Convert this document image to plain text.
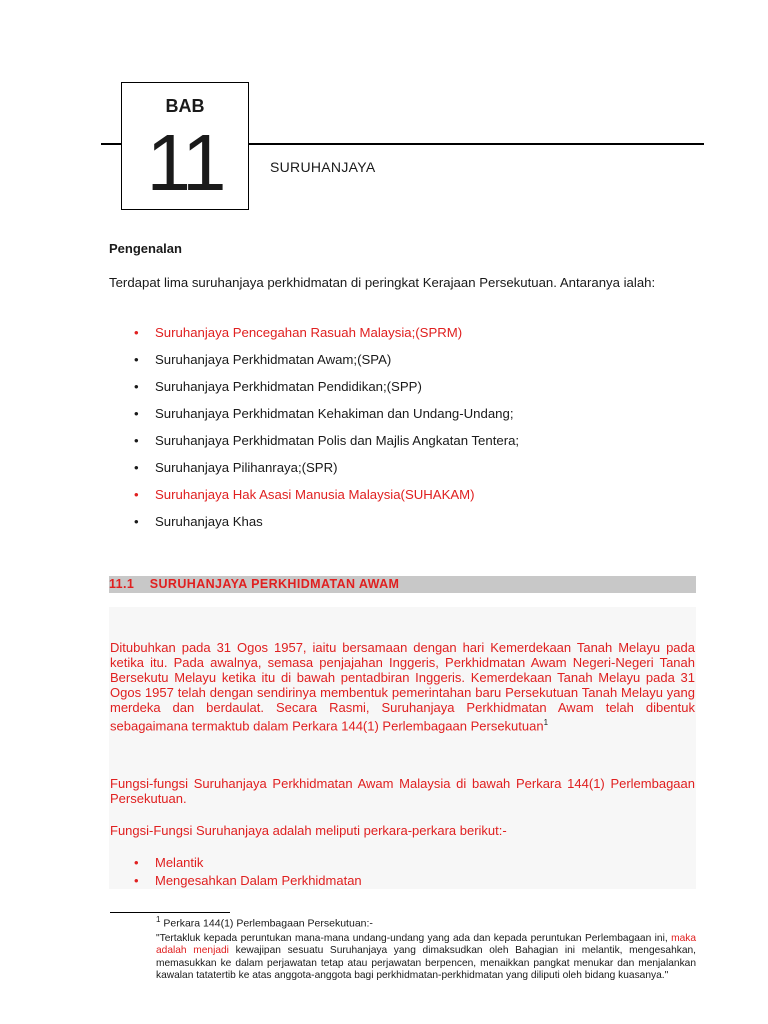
BAB
11	SURUHANJAYA
Pengenalan
Terdapat lima suruhanjaya perkhidmatan di peringkat Kerajaan Persekutuan. Antaranya ialah:
• Suruhanjaya Pencegahan Rasuah Malaysia;(SPRM)
• Suruhanjaya Perkhidmatan Awam;(SPA)
• Suruhanjaya Perkhidmatan Pendidikan;(SPP)
• Suruhanjaya Perkhidmatan Kehakiman dan Undang-Undang;
• Suruhanjaya Perkhidmatan Polis dan Majlis Angkatan Tentera;
• Suruhanjaya Pilihanraya;(SPR)
• Suruhanjaya Hak Asasi Manusia Malaysia(SUHAKAM)
• Suruhanjaya Khas
11.1 SURUHANJAYA PERKHIDMATAN AWAM
Ditubuhkan pada 31 Ogos 1957, iaitu bersamaan dengan hari Kemerdekaan Tanah Melayu pada ketika itu. Pada awalnya, semasa penjajahan Inggeris, Perkhidmatan Awam Negeri-Negeri Tanah Bersekutu Melayu ketika itu di bawah pentadbiran Inggeris. Kemerdekaan Tanah Melayu pada 31 Ogos 1957 telah dengan sendirinya membentuk pemerintahan baru Persekutuan Tanah Melayu yang merdeka dan berdaulat. Secara Rasmi, Suruhanjaya Perkhidmatan Awam telah dibentuk sebagaimana termaktub dalam Perkara 144(1) Perlembagaan Persekutuan$^1$
Fungsi-fungsi Suruhanjaya Perkhidmatan Awam Malaysia di bawah Perkara 144(1) Perlembagaan Persekutuan.
Fungsi-Fungsi Suruhanjaya adalah meliputi perkara-perkara berikut:-
• Melantik
• Mengesahkan Dalam Perkhidmatan
$^1$ Perkara 144(1) Perlembagaan Persekutuan:-
"Tertakluk kepada peruntukan mana-mana undang-undang yang ada dan kepada peruntukan Perlembagaan ini, maka adalah menjadi kewajipan sesuatu Suruhanjaya yang dimaksudkan oleh Bahagian ini melantik, mengesahkan, memasukkan ke dalam perjawatan tetap atau perjawatan berpencen, menaikkan pangkat menukar dan menjalankan kawalan tatatertib ke atas anggota-anggota bagi perkhidmatan-perkhidmatan yang diliputi oleh bidang kuasanya."
